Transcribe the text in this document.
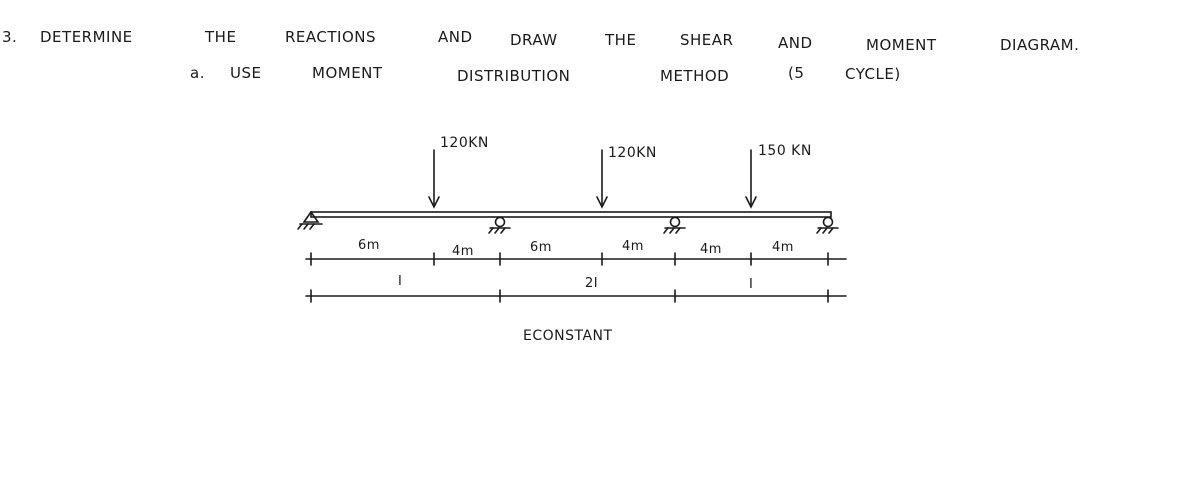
3. DETERMINE	THE	REACTIONS	AND DRAW	THE	SHEAR	AND	MOMENT	DIAGRAM.
a. USE	MOMENT	DISTRIBUTION	METHOD	(5	CYCLE)
120KN
120KN	150 KN
6m	4m	6m	4m	4m	4m
I	2I	I
ECONSTANT
